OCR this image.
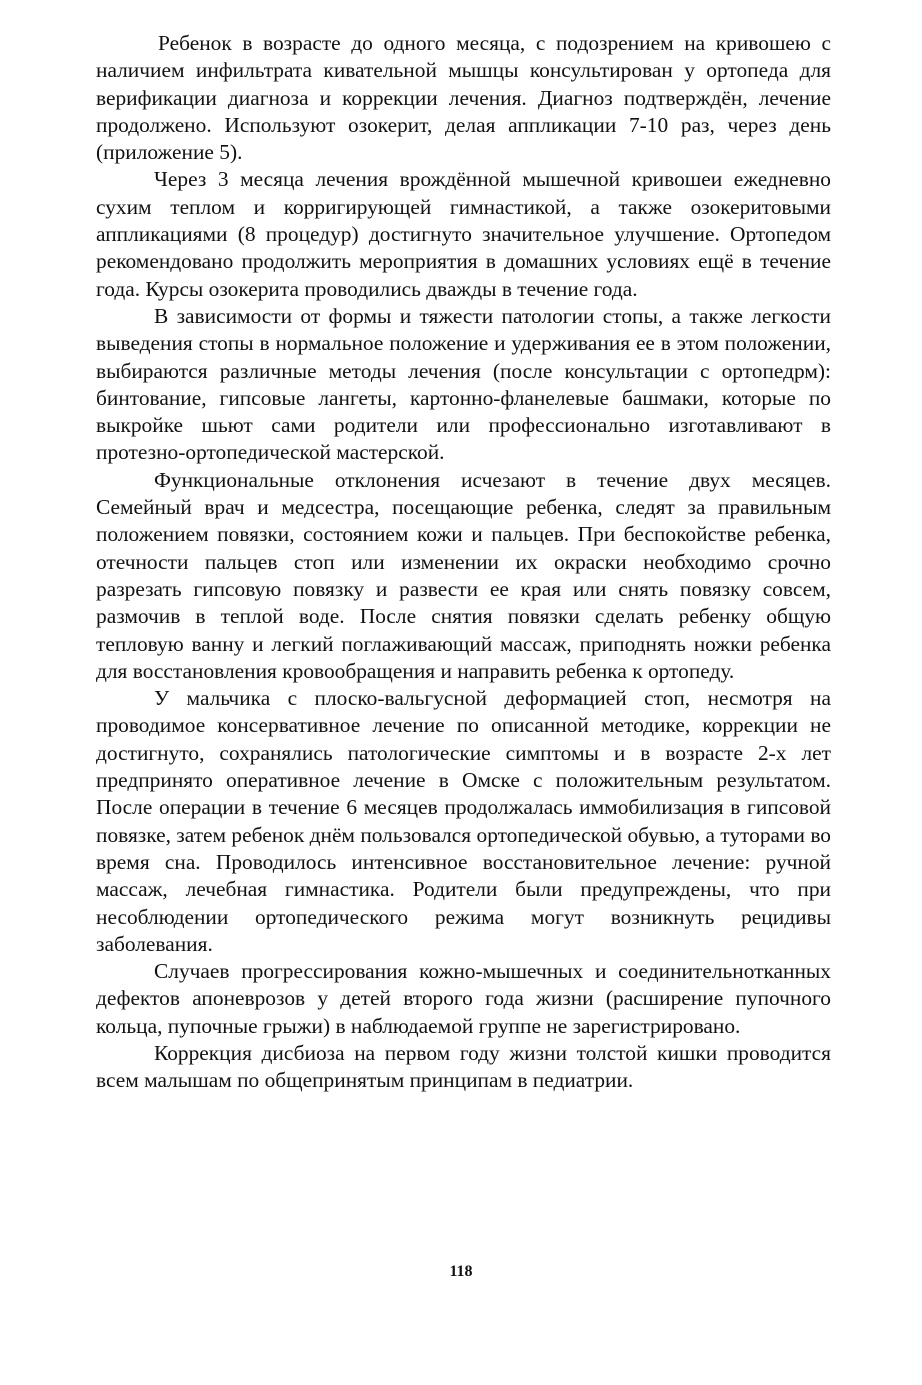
Ребенок в возрасте до одного месяца, с подозрением на кривошею с наличием инфильтрата кивательной мышцы консультирован у ортопеда для верификации диагноза и коррекции лечения. Диагноз подтверждён, лечение продолжено. Используют озокерит, делая аппликации 7-10 раз, через день (приложение 5).

Через 3 месяца лечения врождённой мышечной кривошеи ежедневно сухим теплом и корригирующей гимнастикой, а также озокеритовыми аппликациями (8 процедур) достигнуто значительное улучшение. Ортопедом рекомендовано продолжить мероприятия в домашних условиях ещё в течение года. Курсы озокерита проводились дважды в течение года.

В зависимости от формы и тяжести патологии стопы, а также легкости выведения стопы в нормальное положение и удерживания ее в этом положении, выбираются различные методы лечения (после консультации с ортопедрм): бинтование, гипсовые лангеты, картонно-фланелевые башмаки, которые по выкройке шьют сами родители или профессионально изготавливают в протезно-ортопедической мастерской.

Функциональные отклонения исчезают в течение двух месяцев. Семейный врач и медсестра, посещающие ребенка, следят за правильным положением повязки, состоянием кожи и пальцев. При беспокойстве ребенка, отечности пальцев стоп или изменении их окраски необходимо срочно разрезать гипсовую повязку и развести ее края или снять повязку совсем, размочив в теплой воде. После снятия повязки сделать ребенку общую тепловую ванну и легкий поглаживающий массаж, приподнять ножки ребенка для восстановления кровообращения и направить ребенка к ортопеду.

У мальчика с плоско-вальгусной деформацией стоп, несмотря на проводимое консервативное лечение по описанной методике, коррекции не достигнуто, сохранялись патологические симптомы и в возрасте 2-х лет предпринято оперативное лечение в Омске с положительным результатом. После операции в течение 6 месяцев продолжалась иммобилизация в гипсовой повязке, затем ребенок днём пользовался ортопедической обувью, а туторами во время сна. Проводилось интенсивное восстановительное лечение: ручной массаж, лечебная гимнастика. Родители были предупреждены, что при несоблюдении ортопедического режима могут возникнуть рецидивы заболевания.

Случаев прогрессирования кожно-мышечных и соединительнотканных дефектов апоневрозов у детей второго года жизни (расширение пупочного кольца, пупочные грыжи) в наблюдаемой группе не зарегистрировано.

Коррекция дисбиоза на первом году жизни толстой кишки проводится всем малышам по общепринятым принципам в педиатрии.

118
